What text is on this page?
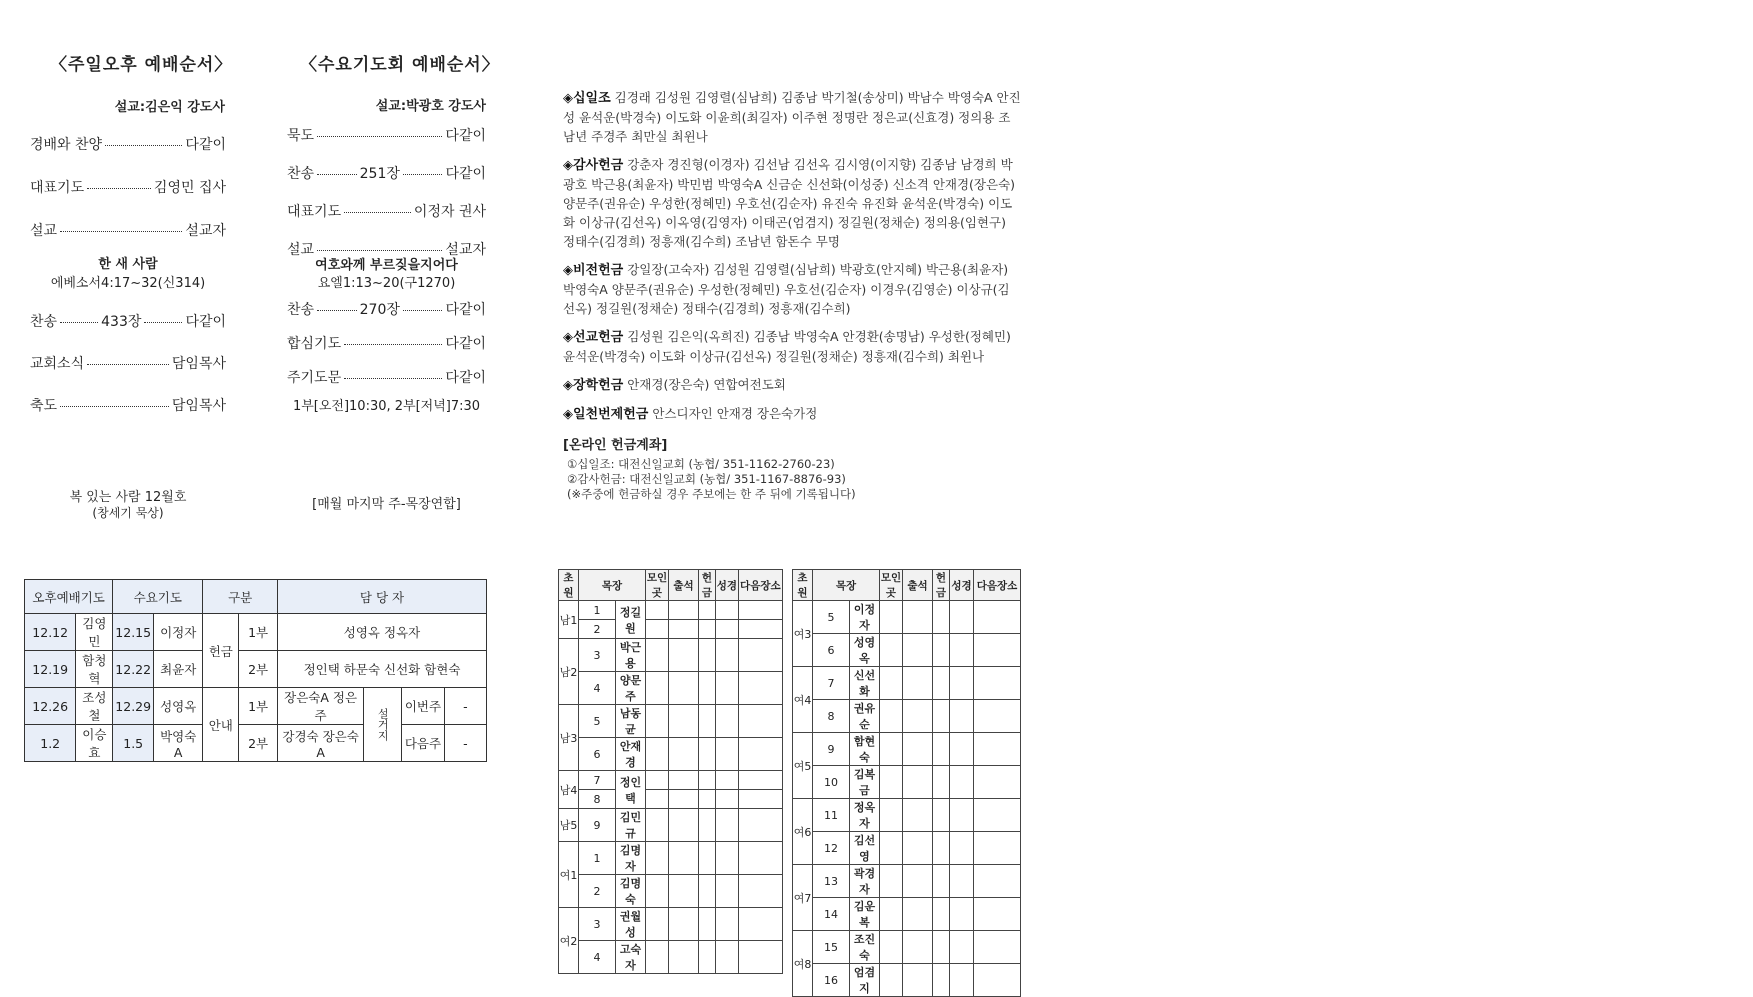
〈주일오후 예배순서〉
설교:김은익 강도사
경배와 찬양	다같이
대표기도	김영민 집사
설교	설교자
한 새 사람
에베소서4:17~32(신314)
찬송	433장	다같이
교회소식	담임목사
축도	담임목사
복 있는 사람 12월호
(창세기 묵상)
〈수요기도회 예배순서〉
설교:박광호 강도사
묵도	다같이
찬송	251장	다같이
대표기도	이정자 권사
설교	설교자
여호와께 부르짖을지어다
요엘1:13~20(구1270)
찬송	270장	다같이
합심기도	다같이
주기도문	다같이
1부[오전]10:30, 2부[저녁]7:30
[매월 마지막 주-목장연합]

◈십일조 김경래 김성원 김영렬(심남희) 김종남 박기철(송상미) 박남수 박영숙A 안진성 윤석운(박경숙) 이도화 이윤희(최길자) 이주현 정명란 정은교(신효경) 정의용 조남년 주경주 최만실 최윈나

◈감사헌금 강춘자 경진형(이경자) 김선남 김선옥 김시영(이지향) 김종남 남경희 박광호 박근용(최윤자) 박민범 박영숙A 신금순 신선화(이성중) 신소격 안재경(장은숙) 양문주(권유순) 우성한(정혜민) 우호선(김순자) 유진숙 유진화 윤석운(박경숙) 이도화 이상규(김선옥) 이옥영(김영자) 이태곤(엄겸지) 정길원(정채순) 정의용(임현구) 정태수(김경희) 정흥재(김수희) 조남년 함돈수 무명

◈비전헌금 강일장(고숙자) 김성원 김영렬(심남희) 박광호(안지혜) 박근용(최윤자) 박영숙A 양문주(권유순) 우성한(정혜민) 우호선(김순자) 이경우(김영순) 이상규(김선옥) 정길원(정채순) 정태수(김경희) 정흥재(김수희)

◈선교헌금 김성원 김은익(옥희진) 김종남 박영숙A 안경환(송명남) 우성한(정혜민) 윤석운(박경숙) 이도화 이상규(김선옥) 정길원(정채순) 정흥재(김수희) 최윈나

◈장학헌금 안재경(장은숙) 연합여전도회

◈일천번제헌금 안스디자인 안재경 장은숙가정

[온라인 헌금계좌]
①십일조: 대전신일교회 (농협/ 351-1162-2760-23)
②감사헌금: 대전신일교회 (농협/ 351-1167-8876-93)
(※주중에 헌금하실 경우 주보에는 한 주 뒤에 기록됩니다)
오후예배기도		수요기도		구분		담 당 자			
12.12	김영민	12.15	이정자	헌금	1부	성영옥 정옥자			
12.19	함청혁	12.22	최윤자		2부	정인택 하문숙 신선화 함현숙			
12.26	조성철	12.29	성영옥	안내	1부	장은숙A 정은주	설거지	이번주	-
1.2	이승효	1.5	박영숙A		2부	강경숙 장은숙A		다음주	-
초원	목장		모인곳	출석	헌금	성경	다음장소
남1	1	정길원					
	2						
남2	3	박근용					
	4	양문주					
남3	5	남동균					
	6	안재경					
남4	7	정인택					
	8						
남5	9	김민규					
여1	1	김명자					
	2	김명숙					
여2	3	권월성					
	4	고숙자					
초원	목장		모인곳	출석	헌금	성경	다음장소
여3	5	이정자					
	6	성영옥					
여4	7	신선화					
	8	권유순					
여5	9	함현숙					
	10	김복금					
여6	11	정옥자					
	12	김선영					
여7	13	곽경자					
	14	김운복					
여8	15	조진숙					
	16	엄겸지					
